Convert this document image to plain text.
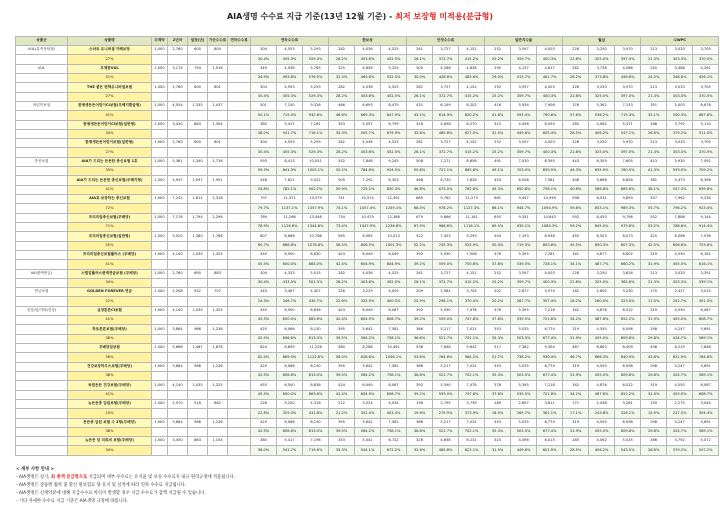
AIA생명 수수료 지급 기준(13년 12월 기준) - 최저 보장형 미적용(분급형)
상품군	상품명	주계약	2년차	설정(년)	가산수수료	연차수수료	연차수수료			한보상			안정수수료			일반지수율			월납			수WPC		
VUL(유족상담형)	스마트 유니버셜 카페보장	1,000	2,760	600	800		304	4,553	5,293	282	4,036	4,525	261	3,727	4,152	252	3,597	4,003	228	3,250	3,970	213	3,033	3,705
	27%						30.4%	455.3%	529.3%	28.2%	403.6%	452.5%	26.1%	372.7%	415.2%	25.2%	359.7%	400.3%	22.8%	325.0%	397.0%	21.3%	303.3%	370.5%
VUL	무제한VUL	1,000	3,174	794	1,916		349	4,938	5,765	325	4,658	5,325	300	4,286	4,836	290	4,137	4,617	262	3,738	4,566	245	3,488	4,261
	51%						34.9%	493.8%	576.5%	32.5%	465.8%	532.5%	30.0%	428.6%	483.6%	29.0%	413.7%	461.7%	26.2%	373.8%	456.6%	24.5%	348.8%	426.1%
	THE 좋은 변액유니버셜보험	1,000	2,760	600	801		304	4,553	5,293	282	4,036	4,525	261	3,727	4,152	252	3,597	4,003	228	3,250	3,970	213	3,033	3,705
	27%						30.4%	455.3%	529.3%	28.2%	403.6%	452.5%	26.1%	372.7%	415.2%	25.2%	359.7%	400.3%	22.8%	325.0%	397.0%	21.3%	303.3%	370.5%
어린이보험	한평생든든어린이CI보험(무해지환급형)	1,000	4,554	1,335	1,437		501	7,150	9,326	466	6,693	8,479	431	6,149	8,202	416	5,934	7,906	376	5,362	7,153	351	5,003	6,676
	41%						50.1%	715.0%	932.6%	46.6%	669.3%	847.9%	43.1%	614.9%	820.2%	41.6%	593.4%	790.6%	37.6%	536.2%	715.3%	35.1%	500.3%	667.6%
	한평생든든어린이CI보험(일반형)	1,000	3,430	863	1,304		380	5,417	7,181	353	5,057	6,799	326	4,658	6,270	315	4,496	6,054	285	4,062	5,471	266	3,792	5,110
	34%						38.0%	541.7%	718.1%	35.3%	505.7%	679.9%	32.6%	465.8%	627.0%	31.5%	449.6%	605.4%	28.5%	406.2%	547.1%	26.6%	379.2%	511.0%
	한평생든든어린이보험(일반형)	1,000	2,760	600	801		304	4,553	5,293	282	4,036	4,525	261	3,727	4,152	252	3,597	4,003	228	3,250	3,970	213	3,033	3,705
	27%						30.4%	455.3%	529.3%	28.2%	403.6%	452.5%	26.1%	372.7%	415.2%	25.2%	359.7%	400.3%	22.8%	325.0%	397.0%	21.3%	303.3%	370.5%
종신보험	AIA가 드리는 든든한 종신보험 1호	1,000	5,361	1,340	1,716		593	8,413	10,051	552	7,848	9,245	508	7,271	8,658	491	7,030	8,395	443	6,359	7,605	413	5,930	7,092
	35%						59.3%	841.3%	1005.1%	55.2%	784.8%	924.5%	50.8%	727.1%	865.8%	49.1%	703.0%	839.5%	44.3%	635.9%	760.5%	41.3%	593.0%	709.2%
	AIA가 드리는 든든한 종신보험(무해지형)	1,000	4,947	1,097	1,591		548	7,821	9,022	509	7,292	8,303	468	6,730	7,828	453	6,508	7,581	408	5,868	6,856	381	5,473	6,398
	41%						54.8%	782.1%	902.2%	50.9%	729.2%	830.3%	46.8%	673.0%	782.8%	45.3%	650.8%	758.1%	40.8%	586.8%	685.6%	38.1%	547.3%	639.8%
	AIA로 보장하는 종신보험	1,000	7,241	1,811	2,318		797	11,371	13,579	741	10,574	12,491	685	9,762	11,273	661	9,447	10,949	598	8,531	9,893	557	7,962	9,234
	72%						79.7%	1137.1%	1357.9%	74.1%	1057.4%	1249.1%	68.5%	976.2%	1127.3%	66.1%	944.7%	1094.9%	59.8%	853.1%	989.3%	55.7%	796.2%	923.4%
	프리미엄종신보험(무배당)	1,000	7,176	1,794	2,296		789	11,266	13,446	734	10,479	12,368	679	9,666	11,161	655	9,351	10,843	592	8,450	9,798	552	7,886	9,144
	71%						78.9%	1126.6%	1344.6%	73.4%	1047.9%	1236.8%	67.9%	966.6%	1116.1%	65.5%	935.1%	1084.3%	59.2%	845.0%	979.8%	55.2%	788.6%	914.4%
	프리미엄종신보험(일반형)	1,000	5,520	1,380	1,766		607	8,666	10,768	565	8,065	10,013	522	7,453	9,259	504	7,193	8,938	455	6,503	8,073	425	6,066	7,536
	55%						60.7%	866.6%	1076.8%	56.5%	806.5%	1001.3%	52.2%	745.3%	925.9%	50.4%	719.3%	893.8%	45.5%	650.3%	807.3%	42.5%	606.6%	753.6%
	프리미엄종신보험플러스 (무배당)	1,000	4,140	1,035	1,325		455	6,500	8,630	424	6,049	8,049	392	5,590	7,506	378	5,395	7,281	341	4,877	6,602	319	4,550	6,161
	41%						45.5%	650.0%	863.0%	42.4%	604.9%	804.9%	39.2%	559.0%	750.6%	37.8%	539.5%	728.1%	34.1%	487.7%	660.2%	31.9%	455.0%	616.1%
VA(변액연금)	스텝업플러스변액연금보험 (무배당)	1,000	2,760	690	883		304	4,333	5,015	282	4,036	4,525	261	3,727	4,152	252	3,597	4,003	228	3,250	3,626	213	3,033	3,391
	34%						30.4%	433.3%	501.5%	28.2%	403.6%	452.5%	26.1%	372.7%	415.2%	25.2%	359.7%	400.3%	22.8%	325.0%	362.6%	21.3%	303.3%	339.1%
연금보험	GOLDEN FOREVER 연금	1,000	2,208	552	707		243	3,467	4,307	226	3,229	4,005	209	2,981	3,704	202	2,877	3,574	182	2,600	3,230	170	2,427	3,015
	22%						24.3%	346.7%	430.7%	22.6%	322.9%	400.5%	20.9%	298.1%	370.4%	20.2%	287.7%	357.4%	18.2%	260.0%	323.0%	17.0%	242.7%	301.5%
건강/암/기타(건강)	심장튼튼CI보험	1,000	4,140	1,035	1,325		455	6,500	8,636	424	6,049	8,067	392	5,590	7,478	378	5,395	7,218	342	4,876	6,522	319	4,550	6,087
	41%						45.5%	650.0%	863.6%	42.4%	604.9%	806.7%	39.2%	559.0%	747.8%	37.8%	539.5%	721.8%	34.2%	487.6%	652.2%	31.9%	455.0%	608.7%
	하트튼튼보험(무배당)	1,000	3,864	966	1,236		425	6,066	8,130	395	5,642	7,581	366	5,217	7,021	353	5,035	6,774	319	4,550	6,098	298	4,247	5,691
	38%						42.5%	606.6%	813.0%	39.5%	564.2%	758.1%	36.6%	521.7%	702.1%	35.3%	503.5%	677.4%	31.9%	455.0%	609.8%	29.8%	424.7%	569.1%
	무배당암보험	1,000	5,668	1,467	1,878		624	8,899	11,226	580	8,286	10,461	536	7,648	9,642	517	7,382	9,304	467	6,663	8,409	436	6,219	7,848
	56%						62.4%	889.9%	1122.6%	58.0%	828.6%	1046.1%	53.6%	764.8%	964.2%	51.7%	738.2%	930.4%	46.7%	666.3%	840.9%	43.6%	621.9%	784.8%
	건강보장하우스보험(무배당)	1,000	3,864	966	1,236		425	6,066	8,130	395	5,642	7,581	366	5,217	7,021	353	5,035	6,774	319	4,550	6,098	298	4,247	5,691
	38%						42.5%	606.6%	813.0%	39.5%	564.2%	758.1%	36.6%	521.7%	702.1%	35.3%	503.5%	677.4%	31.9%	455.0%	609.8%	29.8%	424.7%	569.1%
	독립든든 건강보험(무배당)	1,000	4,140	1,035	1,325		455	6,500	8,636	424	6,049	8,067	392	5,590	7,478	378	5,395	7,218	342	4,876	6,522	319	4,550	6,087
	41%						45.5%	650.0%	863.6%	42.4%	604.9%	806.7%	39.2%	559.0%	747.8%	37.8%	539.5%	721.8%	34.2%	487.6%	652.2%	31.9%	455.0%	608.7%
	뉴든든종 입원보험(무배당)	1,000	2,070	518	662		228	3,250	4,318	212	3,024	4,034	196	2,795	3,739	189	2,697	3,611	171	2,438	3,261	159	2,275	3,044
	20%						22.8%	325.0%	431.8%	21.2%	302.4%	403.4%	19.6%	279.5%	373.9%	18.9%	269.7%	361.1%	17.1%	243.8%	326.1%	15.9%	227.5%	304.4%
	든든종 입원 보험 수 2형(무배당)	1,000	3,864	966	1,236		425	6,066	8,130	395	5,642	7,581	366	5,217	7,021	353	5,035	6,774	319	4,550	6,098	298	4,247	5,691
	38%						42.5%	606.6%	813.0%	39.5%	564.2%	758.1%	36.6%	521.7%	702.1%	35.3%	503.5%	677.4%	31.9%	455.0%	609.8%	29.8%	424.7%	569.1%
	뉴든든 암 치료비 보험(무배당)	1,000	3,450	863	1,104		380	5,417	7,196	353	5,041	6,722	326	4,658	6,231	315	4,496	6,015	285	4,062	5,435	266	3,792	5,072
	34%						38.0%	541.7%	719.6%	35.3%	504.1%	672.2%	32.6%	465.8%	623.1%	31.5%	449.6%	601.5%	28.5%	406.2%	543.5%	26.6%	379.2%	507.2%
< 세부 사항 안내 >
- AIA생명은 칭기, 최 총액 분급형으로 지급되며 세부 수수료는 유지율 및 보유 수수료지 내규 원리규정에 적용됩니다.
- AIA생명은 상품별 월차 및 환산 원보험료 당 유지 및 실적에 따라 연차 수수료 지급됩니다.
- AIA생명은 신계약분에 대해 지급수수료 차익이 발생할 경우 지급 수수료가 감액 지급될 수 있습니다.
- 기타 자세한 수수료 지급 기준은 AIA생명 규정에 따릅니다.
